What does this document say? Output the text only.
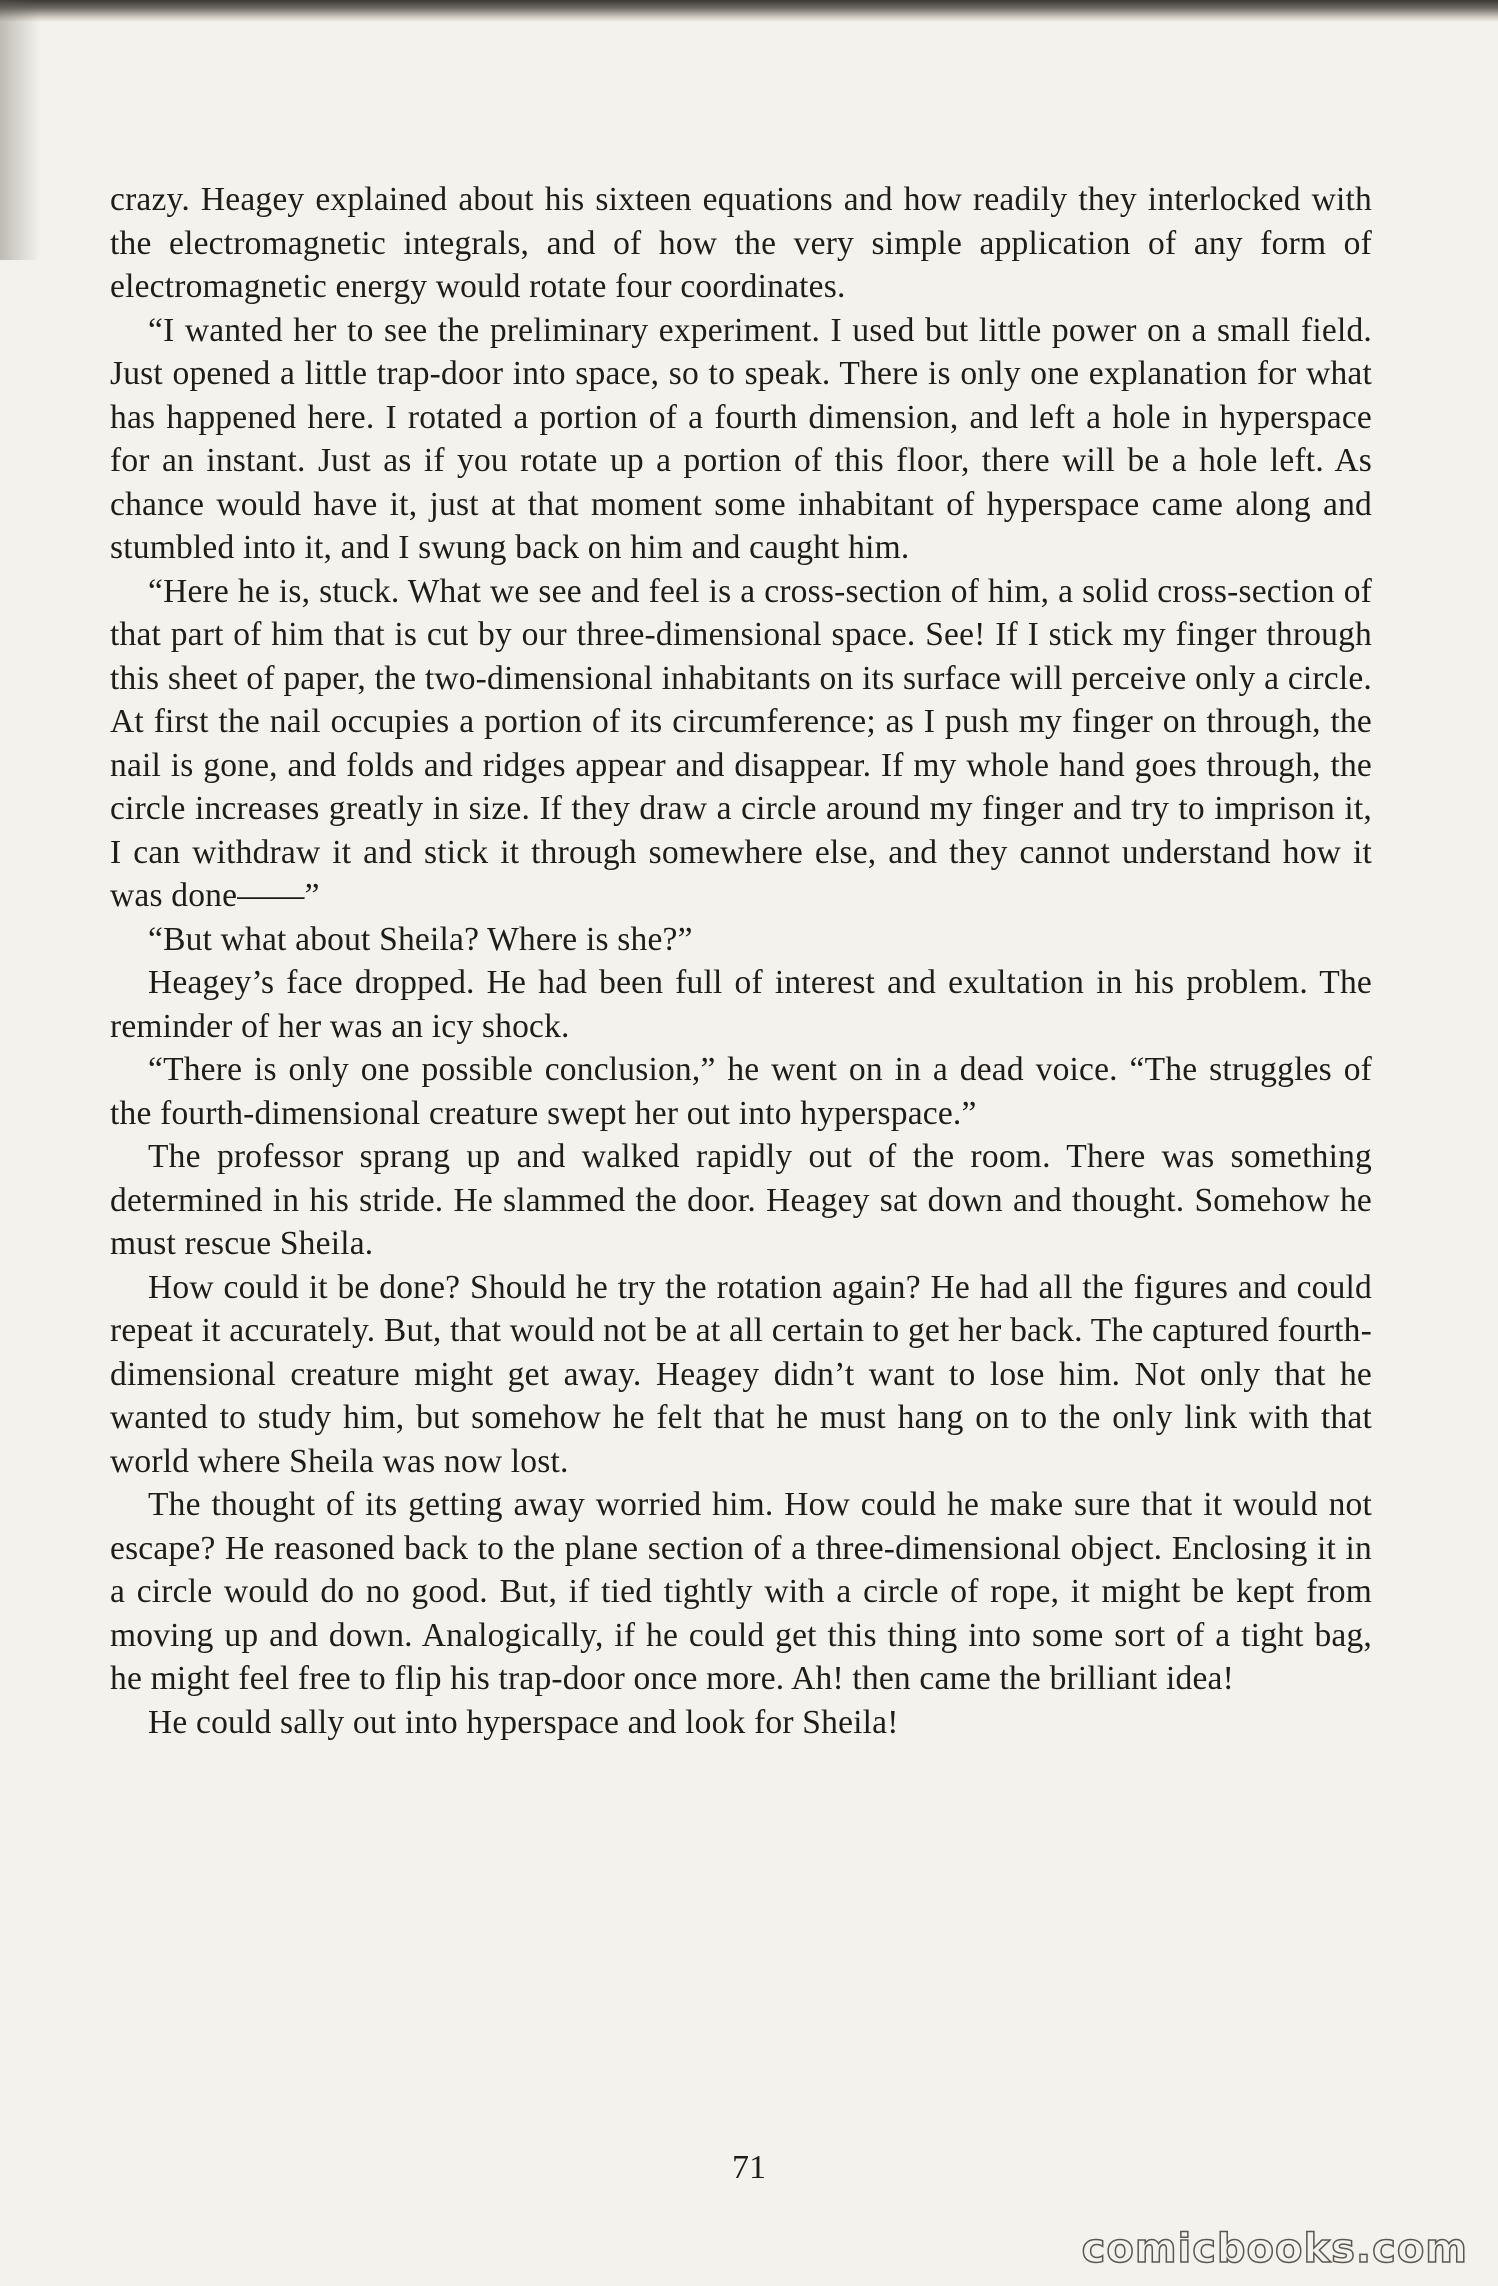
crazy. Heagey explained about his sixteen equations and how readily they interlocked with the electromagnetic integrals, and of how the very simple application of any form of electromagnetic energy would rotate four coordinates.

“I wanted her to see the preliminary experiment. I used but little power on a small field. Just opened a little trap-door into space, so to speak. There is only one explanation for what has happened here. I rotated a portion of a fourth dimension, and left a hole in hyperspace for an instant. Just as if you rotate up a portion of this floor, there will be a hole left. As chance would have it, just at that moment some inhabitant of hyperspace came along and stumbled into it, and I swung back on him and caught him.

“Here he is, stuck. What we see and feel is a cross-section of him, a solid cross-section of that part of him that is cut by our three-dimensional space. See! If I stick my finger through this sheet of paper, the two-dimensional inhabitants on its surface will perceive only a circle. At first the nail occupies a portion of its circumference; as I push my finger on through, the nail is gone, and folds and ridges appear and disappear. If my whole hand goes through, the circle increases greatly in size. If they draw a circle around my finger and try to imprison it, I can withdraw it and stick it through somewhere else, and they cannot understand how it was done——”

“But what about Sheila? Where is she?”

Heagey’s face dropped. He had been full of interest and exultation in his problem. The reminder of her was an icy shock.

“There is only one possible conclusion,” he went on in a dead voice. “The struggles of the fourth-dimensional creature swept her out into hyperspace.”

The professor sprang up and walked rapidly out of the room. There was something determined in his stride. He slammed the door. Heagey sat down and thought. Somehow he must rescue Sheila.

How could it be done? Should he try the rotation again? He had all the figures and could repeat it accurately. But, that would not be at all certain to get her back. The captured fourth-dimensional creature might get away. Heagey didn’t want to lose him. Not only that he wanted to study him, but somehow he felt that he must hang on to the only link with that world where Sheila was now lost.

The thought of its getting away worried him. How could he make sure that it would not escape? He reasoned back to the plane section of a three-dimensional object. Enclosing it in a circle would do no good. But, if tied tightly with a circle of rope, it might be kept from moving up and down. Analogically, if he could get this thing into some sort of a tight bag, he might feel free to flip his trap-door once more. Ah! then came the brilliant idea!

He could sally out into hyperspace and look for Sheila!

71
comicbooks.com
